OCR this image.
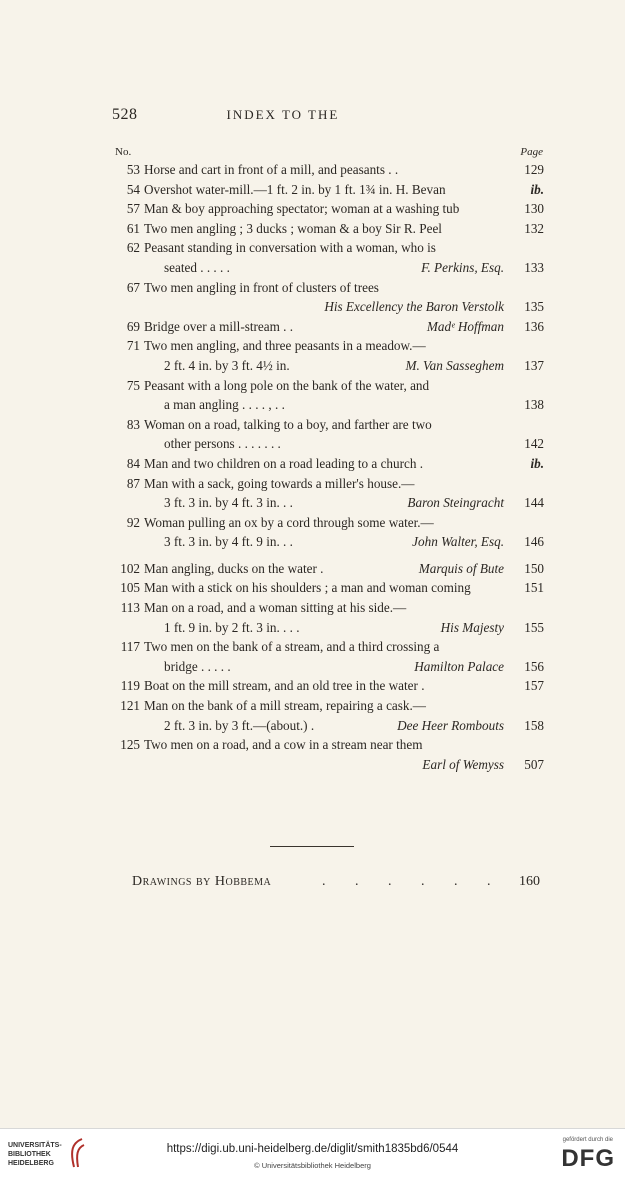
528	INDEX TO THE
No.	Page
53 Horse and cart in front of a mill, and peasants . .	129
54 Overshot water-mill.—1 ft. 2 in. by 1 ft. 1¾ in. H. Bevan	ib.
57 Man & boy approaching spectator; woman at a washing tub	130
61 Two men angling ; 3 ducks ; woman & a boy Sir R. Peel	132
62 Peasant standing in conversation with a woman, who is
seated . . . . .	F. Perkins, Esq.	133
67 Two men angling in front of clusters of trees
His Excellency the Baron Verstolk	135
69 Bridge over a mill-stream . .	Madᵉ Hoffman	136
71 Two men angling, and three peasants in a meadow.—
2 ft. 4 in. by 3 ft. 4½ in.	M. Van Sasseghem	137
75 Peasant with a long pole on the bank of the water, and
a man angling . . . . , . .	138
83 Woman on a road, talking to a boy, and farther are two
other persons . . . . . . .	142
84 Man and two children on a road leading to a church .	ib.
87 Man with a sack, going towards a miller's house.—
3 ft. 3 in. by 4 ft. 3 in. . .	Baron Steingracht	144
92 Woman pulling an ox by a cord through some water.—
3 ft. 3 in. by 4 ft. 9 in. . .	John Walter, Esq.	146
102 Man angling, ducks on the water .	Marquis of Bute	150
105 Man with a stick on his shoulders ; a man and woman coming	151
113 Man on a road, and a woman sitting at his side.—
1 ft. 9 in. by 2 ft. 3 in. . . .	His Majesty	155
117 Two men on the bank of a stream, and a third crossing a
bridge . . . . .	Hamilton Palace	156
119 Boat on the mill stream, and an old tree in the water .	157
121 Man on the bank of a mill stream, repairing a cask.—
2 ft. 3 in. by 3 ft.—(about.) .	Dee Heer Rombouts	158
125 Two men on a road, and a cow in a stream near them
Earl of Wemyss	507
Drawings by Hobbema	. . . . . . 160
UNIVERSITÄTS-
BIBLIOTHEK
HEIDELBERG
https://digi.ub.uni-heidelberg.de/diglit/smith1835bd6/0544
© Universitätsbibliothek Heidelberg
gefördert durch die
DFG
